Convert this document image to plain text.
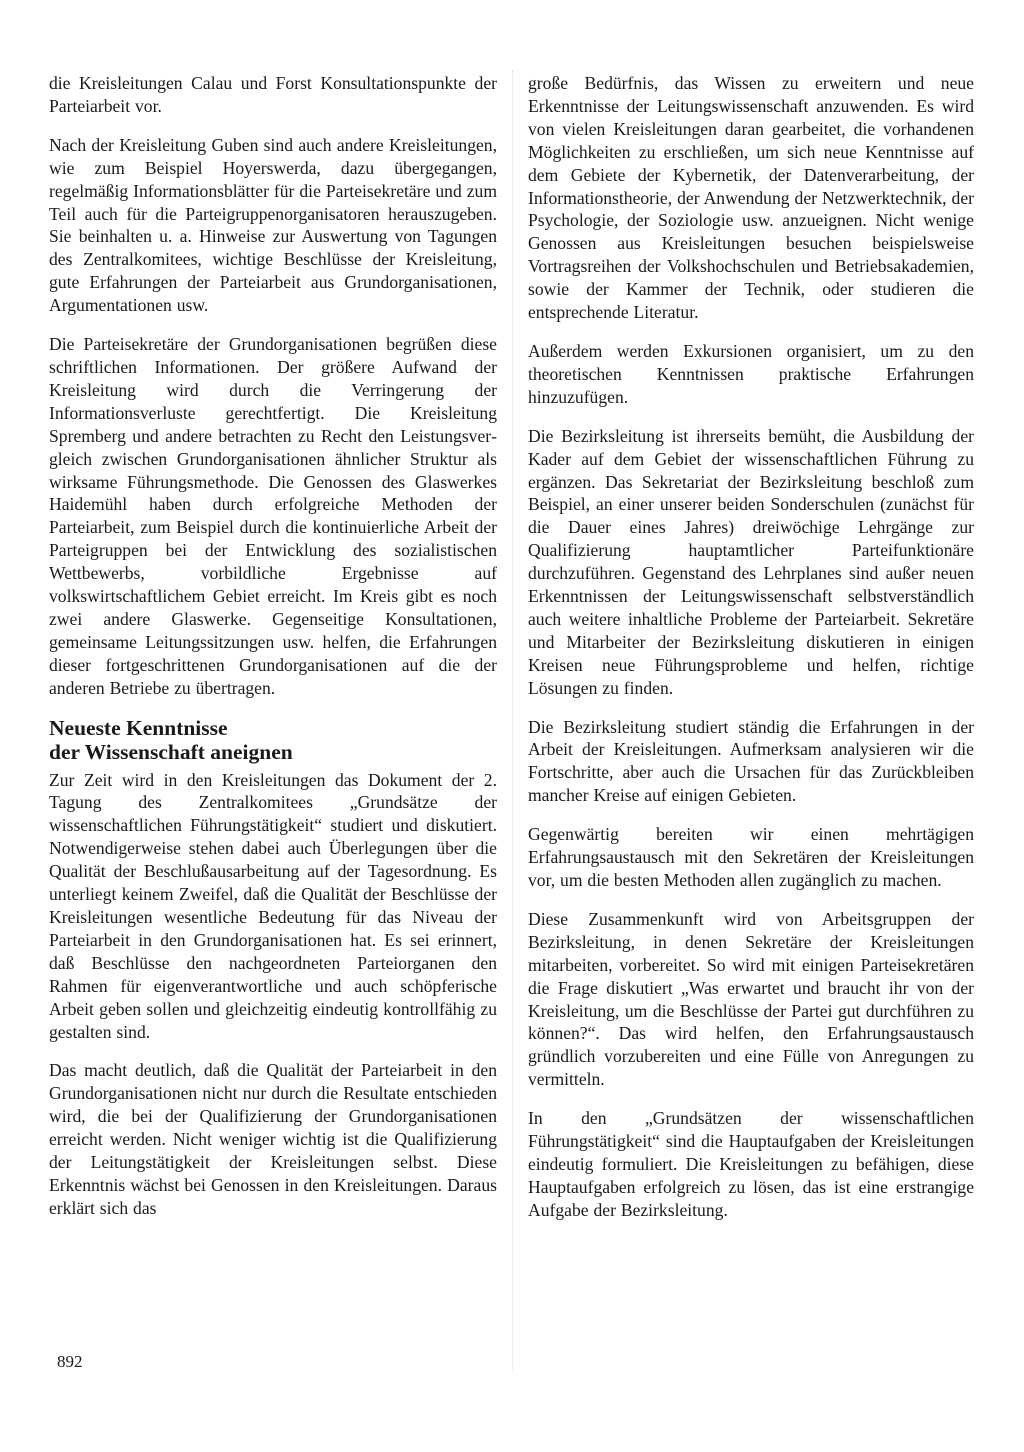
die Kreisleitungen Calau und Forst Konsultationspunkte der Parteiarbeit vor.

Nach der Kreisleitung Guben sind auch andere Kreisleitungen, wie zum Beispiel Hoyerswerda, dazu übergegangen, regelmäßig Informationsblätter für die Parteisekretäre und zum Teil auch für die Parteigruppenorganisatoren herauszugeben. Sie beinhalten u. a. Hinweise zur Auswertung von Tagungen des Zentralkomitees, wichtige Beschlüsse der Kreisleitung, gute Erfahrungen der Parteiarbeit aus Grundorganisationen, Argumentationen usw.

Die Parteisekretäre der Grundorganisationen begrüßen diese schriftlichen Informationen. Der größere Aufwand der Kreisleitung wird durch die Verringerung der Informationsverluste gerechtfertigt. Die Kreisleitung Spremberg und andere betrachten zu Recht den Leistungsvergleich zwischen Grundorganisationen ähnlicher Struktur als wirksame Führungsmethode. Die Genossen des Glaswerkes Haidemühl haben durch erfolgreiche Methoden der Parteiarbeit, zum Beispiel durch die kontinuierliche Arbeit der Parteigruppen bei der Entwicklung des sozialistischen Wettbewerbs, vorbildliche Ergebnisse auf volkswirtschaftlichem Gebiet erreicht. Im Kreis gibt es noch zwei andere Glaswerke. Gegenseitige Konsultationen, gemeinsame Leitungssitzungen usw. helfen, die Erfahrungen dieser fortgeschrittenen Grundorganisationen auf die der anderen Betriebe zu übertragen.

Neueste Kenntnisse
der Wissenschaft aneignen

Zur Zeit wird in den Kreisleitungen das Dokument der 2. Tagung des Zentralkomitees „Grundsätze der wissenschaftlichen Führungstätigkeit“ studiert und diskutiert. Notwendigerweise stehen dabei auch Überlegungen über die Qualität der Beschlußausarbeitung auf der Tagesordnung. Es unterliegt keinem Zweifel, daß die Qualität der Beschlüsse der Kreisleitungen wesentliche Bedeutung für das Niveau der Parteiarbeit in den Grundorganisationen hat. Es sei erinnert, daß Beschlüsse den nachgeordneten Parteiorganen den Rahmen für eigenverantwortliche und auch schöpferische Arbeit geben sollen und gleichzeitig eindeutig kontrollfähig zu gestalten sind.

Das macht deutlich, daß die Qualität der Parteiarbeit in den Grundorganisationen nicht nur durch die Resultate entschieden wird, die bei der Qualifizierung der Grundorganisationen erreicht werden. Nicht weniger wichtig ist die Qualifizierung der Leitungstätigkeit der Kreisleitungen selbst. Diese Erkenntnis wächst bei Genossen in den Kreisleitungen. Daraus erklärt sich das

große Bedürfnis, das Wissen zu erweitern und neue Erkenntnisse der Leitungswissenschaft anzuwenden. Es wird von vielen Kreisleitungen daran gearbeitet, die vorhandenen Möglichkeiten zu erschließen, um sich neue Kenntnisse auf dem Gebiete der Kybernetik, der Datenverarbeitung, der Informationstheorie, der Anwendung der Netzwerktechnik, der Psychologie, der Soziologie usw. anzueignen. Nicht wenige Genossen aus Kreisleitungen besuchen beispielsweise Vortragsreihen der Volkshochschulen und Betriebsakademien, sowie der Kammer der Technik, oder studieren die entsprechende Literatur.

Außerdem werden Exkursionen organisiert, um zu den theoretischen Kenntnissen praktische Erfahrungen hinzuzufügen.

Die Bezirksleitung ist ihrerseits bemüht, die Ausbildung der Kader auf dem Gebiet der wissenschaftlichen Führung zu ergänzen. Das Sekretariat der Bezirksleitung beschloß zum Beispiel, an einer unserer beiden Sonderschulen (zunächst für die Dauer eines Jahres) dreiwöchige Lehrgänge zur Qualifizierung hauptamtlicher Parteifunktionäre durchzuführen. Gegenstand des Lehrplanes sind außer neuen Erkenntnissen der Leitungswissenschaft selbstverständlich auch weitere inhaltliche Probleme der Parteiarbeit. Sekretäre und Mitarbeiter der Bezirksleitung diskutieren in einigen Kreisen neue Führungsprobleme und helfen, richtige Lösungen zu finden.

Die Bezirksleitung studiert ständig die Erfahrungen in der Arbeit der Kreisleitungen. Aufmerksam analysieren wir die Fortschritte, aber auch die Ursachen für das Zurückbleiben mancher Kreise auf einigen Gebieten.

Gegenwärtig bereiten wir einen mehrtägigen Erfahrungsaustausch mit den Sekretären der Kreisleitungen vor, um die besten Methoden allen zugänglich zu machen.

Diese Zusammenkunft wird von Arbeitsgruppen der Bezirksleitung, in denen Sekretäre der Kreisleitungen mitarbeiten, vorbereitet. So wird mit einigen Parteisekretären die Frage diskutiert „Was erwartet und braucht ihr von der Kreisleitung, um die Beschlüsse der Partei gut durchführen zu können?“. Das wird helfen, den Erfahrungsaustausch gründlich vorzubereiten und eine Fülle von Anregungen zu vermitteln.

In den „Grundsätzen der wissenschaftlichen Führungstätigkeit“ sind die Hauptaufgaben der Kreisleitungen eindeutig formuliert. Die Kreisleitungen zu befähigen, diese Hauptaufgaben erfolgreich zu lösen, das ist eine erstrangige Aufgabe der Bezirksleitung.

892
